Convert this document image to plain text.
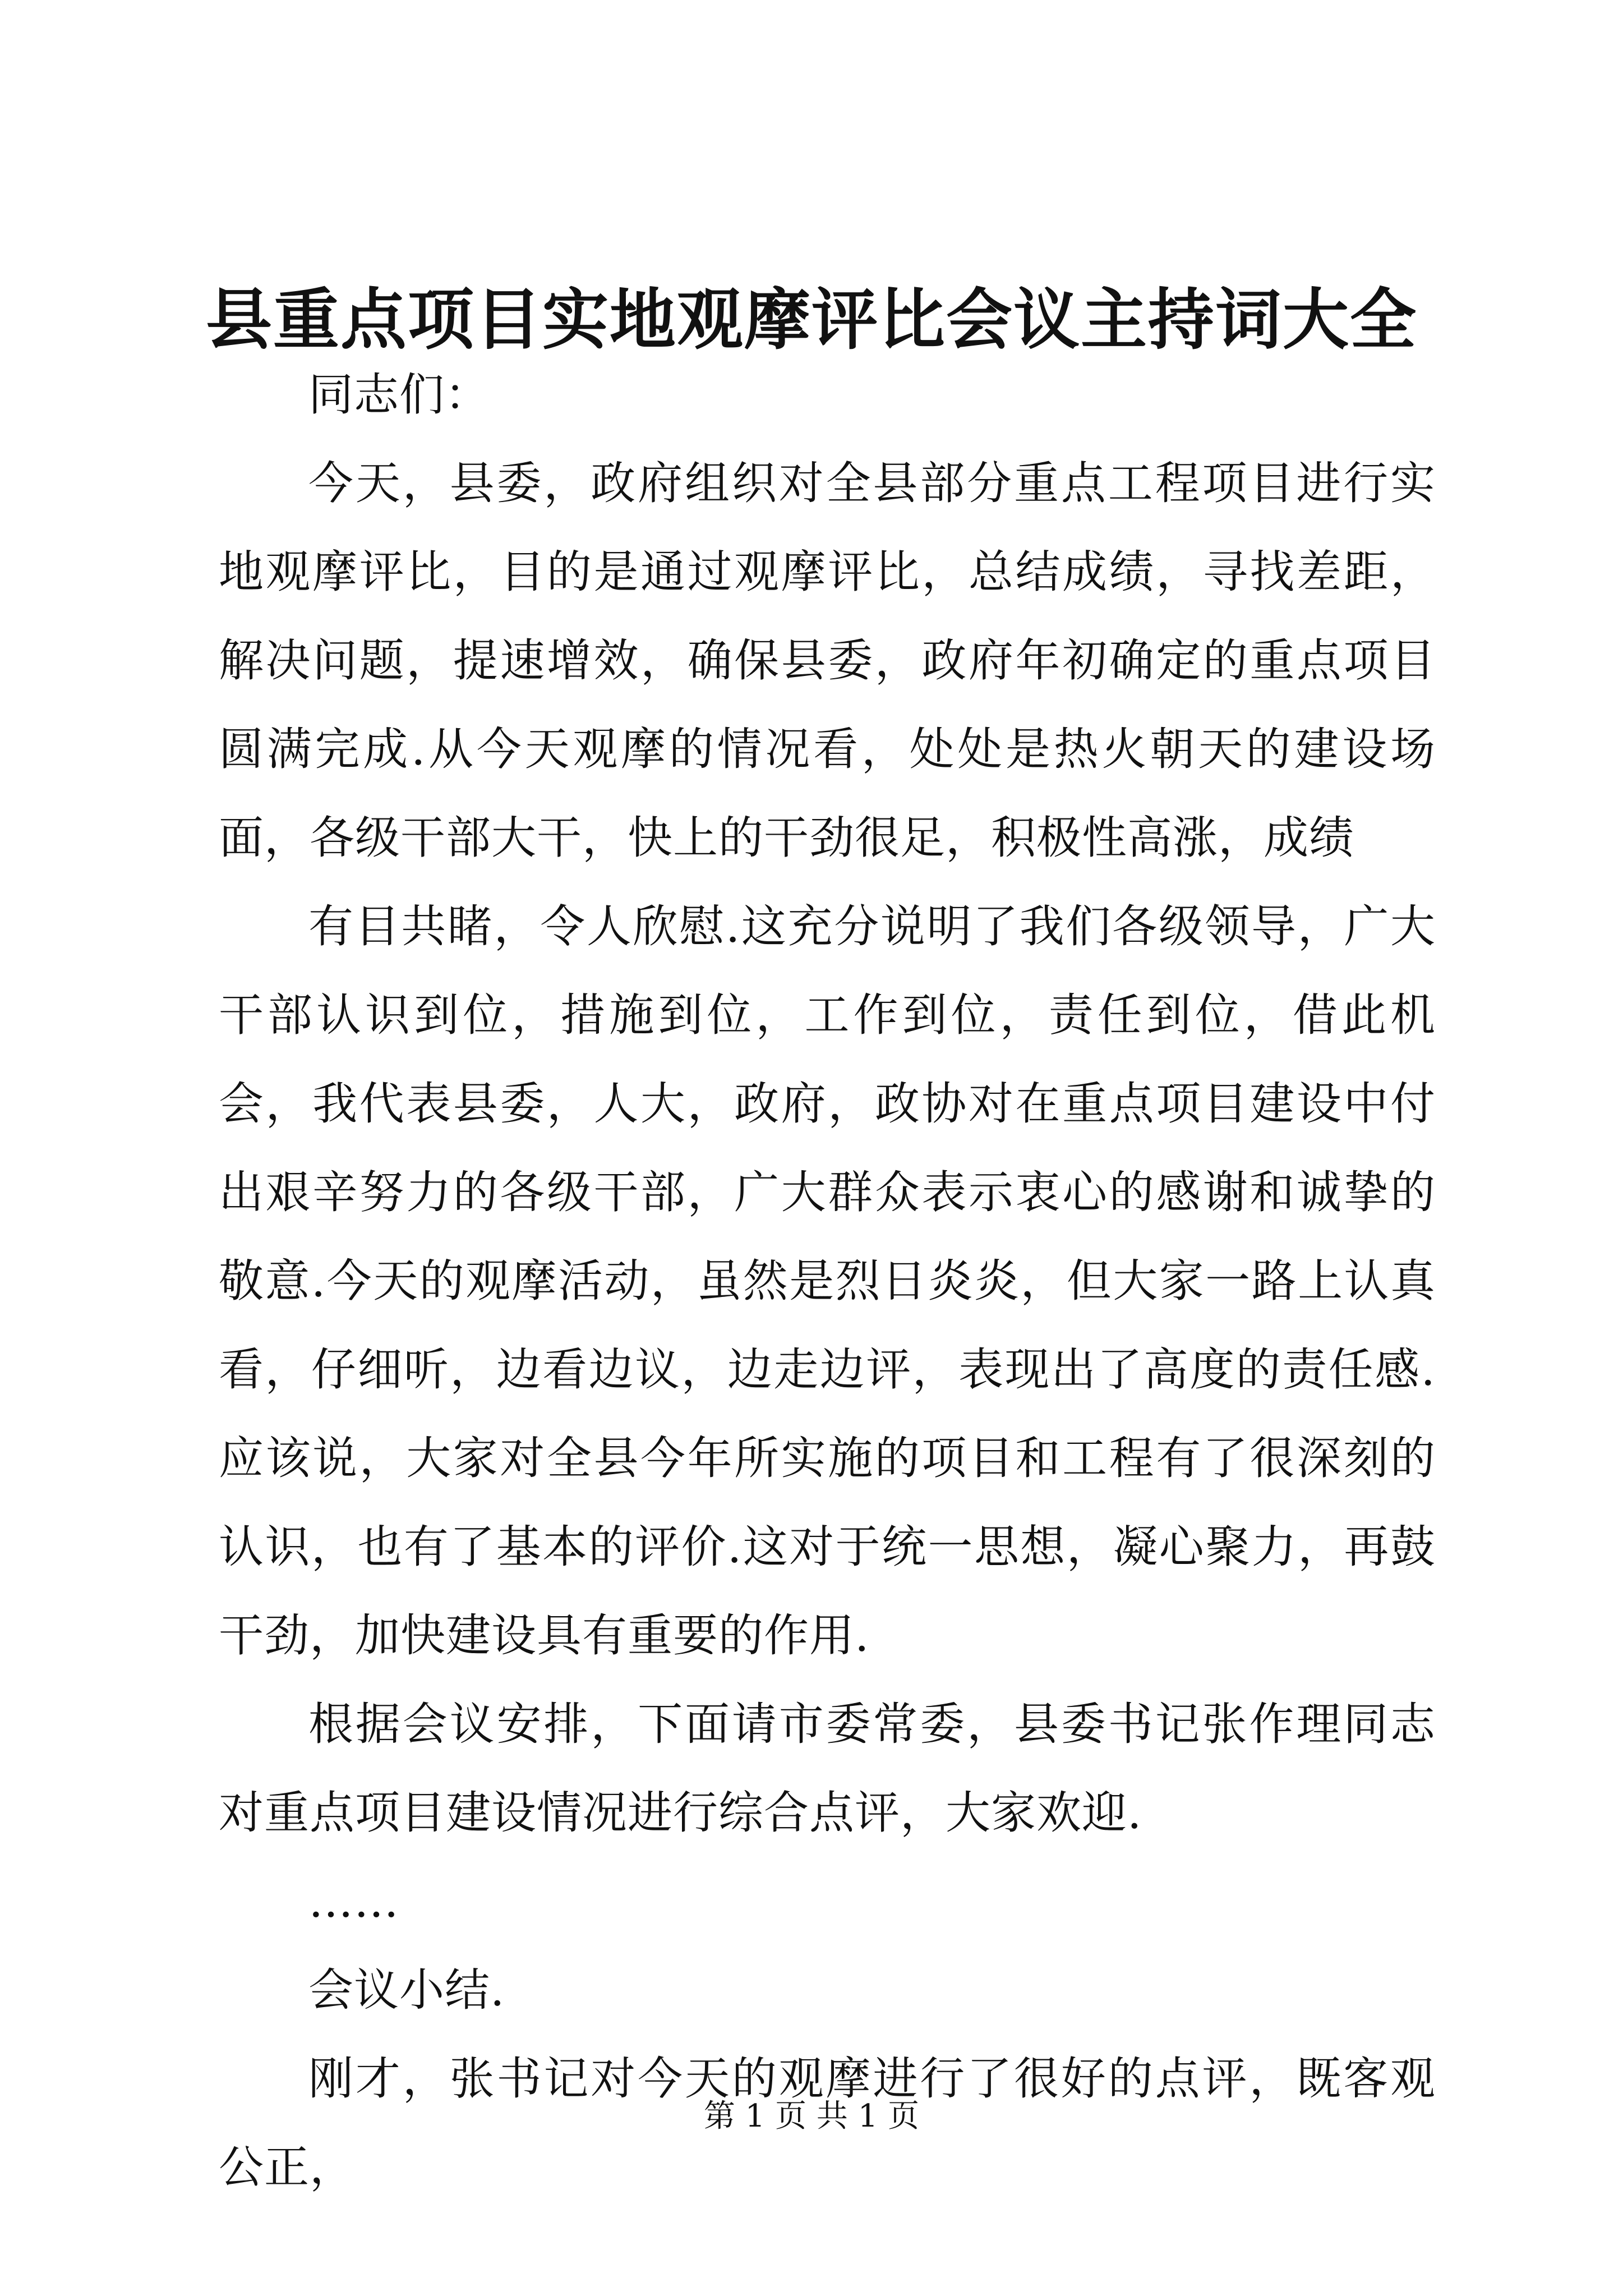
县重点项目实地观摩评比会议主持词大全

同志们：

今天，县委，政府组织对全县部分重点工程项目进行实地观摩评比，目的是通过观摩评比，总结成绩，寻找差距，解决问题，提速增效，确保县委，政府年初确定的重点项目圆满完成.从今天观摩的情况看，处处是热火朝天的建设场面，各级干部大干，快上的干劲很足，积极性高涨，成绩

有目共睹，令人欣慰.这充分说明了我们各级领导，广大干部认识到位，措施到位，工作到位，责任到位，借此机会，我代表县委，人大，政府，政协对在重点项目建设中付出艰辛努力的各级干部，广大群众表示衷心的感谢和诚挚的敬意.今天的观摩活动，虽然是烈日炎炎，但大家一路上认真看，仔细听，边看边议，边走边评，表现出了高度的责任感.应该说，大家对全县今年所实施的项目和工程有了很深刻的认识，也有了基本的评价.这对于统一思想，凝心聚力，再鼓干劲，加快建设具有重要的作用.

根据会议安排，下面请市委常委，县委书记张作理同志对重点项目建设情况进行综合点评，大家欢迎.

……

会议小结.

刚才，张书记对今天的观摩进行了很好的点评，既客观公正，

第 1 页 共 1 页
